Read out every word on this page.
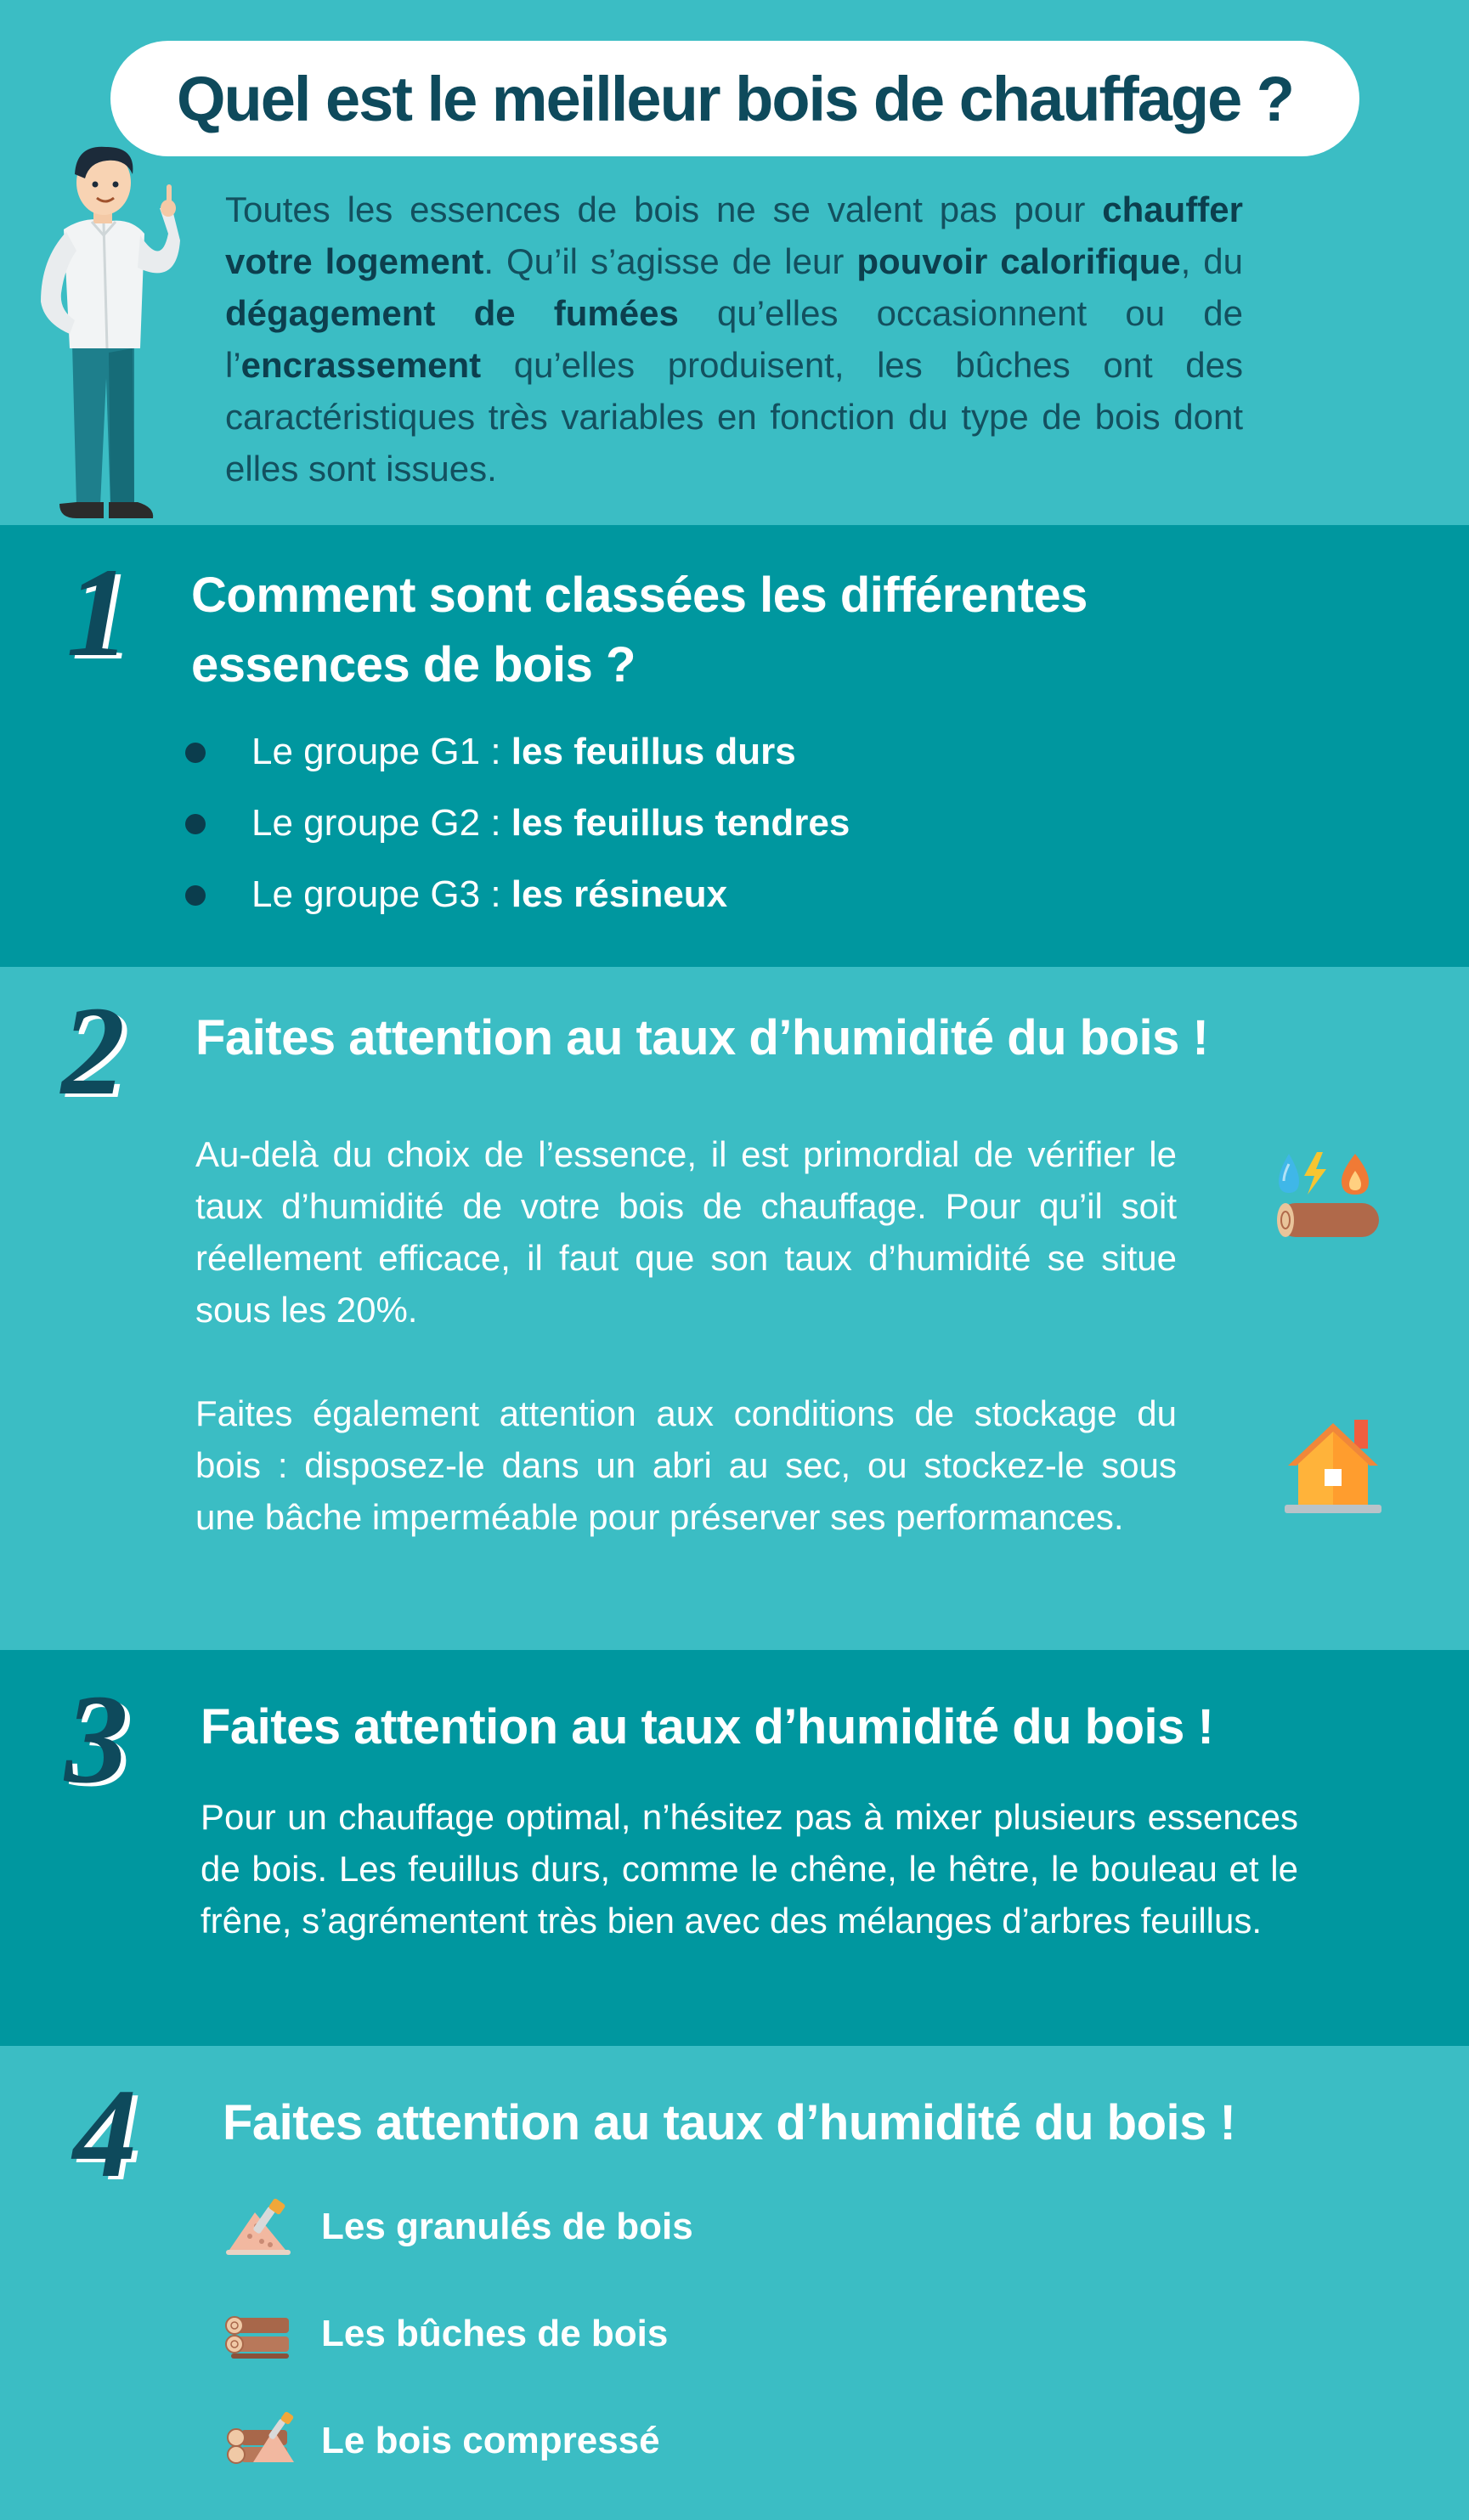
Quel est le meilleur bois de chauffage ?

Toutes les essences de bois ne se valent pas pour chauffer votre logement. Qu’il s’agisse de leur pouvoir calorifique, du dégagement de fumées qu’elles occasionnent ou de l’encrassement qu’elles produisent, les bûches ont des caractéristiques très variables en fonction du type de bois dont elles sont issues.

1 Comment sont classées les différentes essences de bois ?
Le groupe G1 : les feuillus durs
Le groupe G2 : les feuillus tendres
Le groupe G3 : les résineux
2 Faites attention au taux d’humidité du bois !

Au-delà du choix de l’essence, il est primordial de vérifier le taux d’humidité de votre bois de chauffage. Pour qu’il soit réellement efficace, il faut que son taux d’humidité se situe sous les 20%.

Faites également attention aux conditions de stockage du bois : disposez-le dans un abri au sec, ou stockez-le sous une bâche imperméable pour préserver ses performances.

3 Faites attention au taux d’humidité du bois !

Pour un chauffage optimal, n’hésitez pas à mixer plusieurs essences de bois. Les feuillus durs, comme le chêne, le hêtre, le bouleau et le frêne, s’agrémentent très bien avec des mélanges d’arbres feuillus.

4 Faites attention au taux d’humidité du bois !
Les granulés de bois
Les bûches de bois
Le bois compressé
